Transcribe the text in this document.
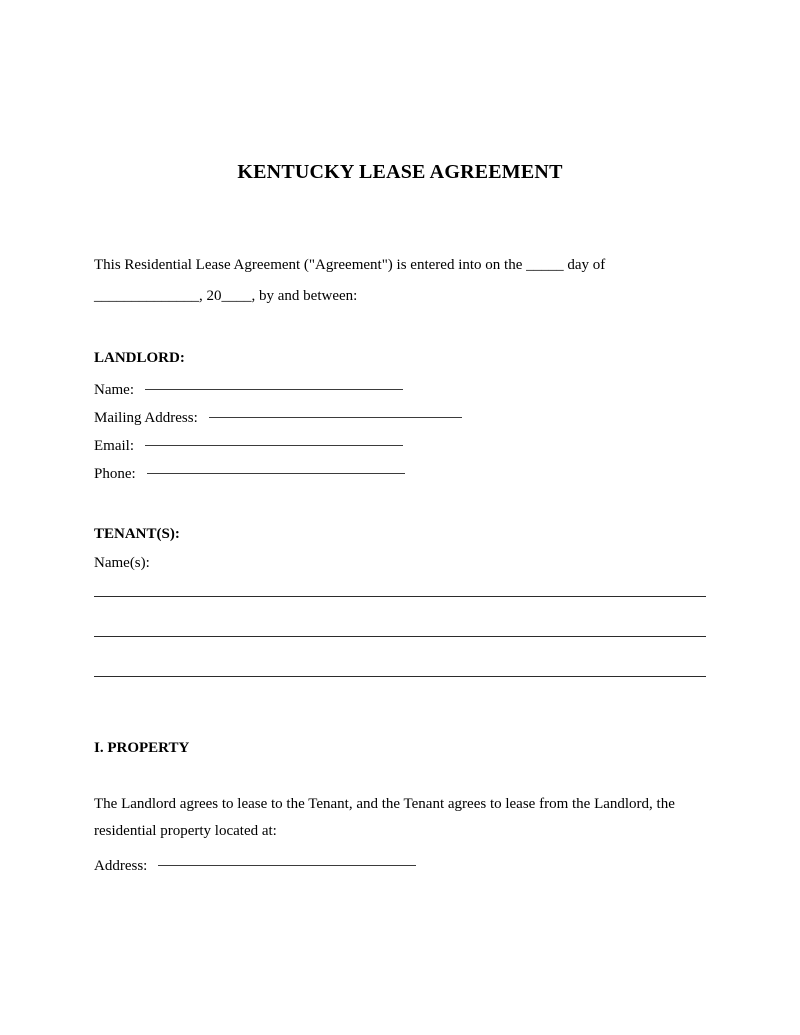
KENTUCKY LEASE AGREEMENT

This Residential Lease Agreement ("Agreement") is entered into on the _____ day of ______________, 20____, by and between:

LANDLORD:
Name:
Mailing Address:
Email:
Phone:
TENANT(S):
Name(s):
I. PROPERTY

The Landlord agrees to lease to the Tenant, and the Tenant agrees to lease from the Landlord, the residential property located at:

Address:
